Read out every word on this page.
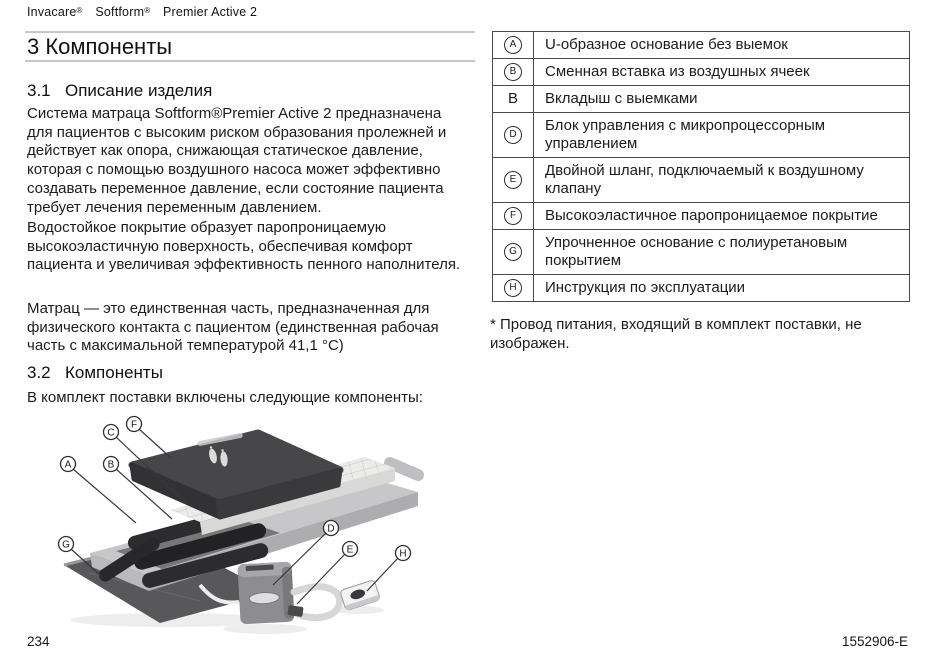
Invacare® Softform® Premier Active 2
3 Компоненты
3.1 Описание изделия
Система матраца Softform®Premier Active 2 предназначена для пациентов с высоким риском образования пролежней и действует как опора, снижающая статическое давление, которая с помощью воздушного насоса может эффективно создавать переменное давление, если состояние пациента требует лечения переменным давлением.
Водостойкое покрытие образует паропроницаемую высокоэластичную поверхность, обеспечивая комфорт пациента и увеличивая эффективность пенного наполнителя.
Матрац — это единственная часть, предназначенная для физического контакта с пациентом (единственная рабочая часть с максимальной температурой 41,1 °C)
3.2 Компоненты
В комплект поставки включены следующие компоненты:
A	U-образное основание без выемок
B	Сменная вставка из воздушных ячеек
В	Вкладыш с выемками
D	Блок управления с микропроцессорным управлением
E	Двойной шланг, подключаемый к воздушному клапану
F	Высокоэластичное паропроницаемое покрытие
G	Упрочненное основание с полиуретановым покрытием
H	Инструкция по эксплуатации
* Провод питания, входящий в комплект поставки, не изображен.
A	B
C
D
E
F
G
H
234	1552906-E
